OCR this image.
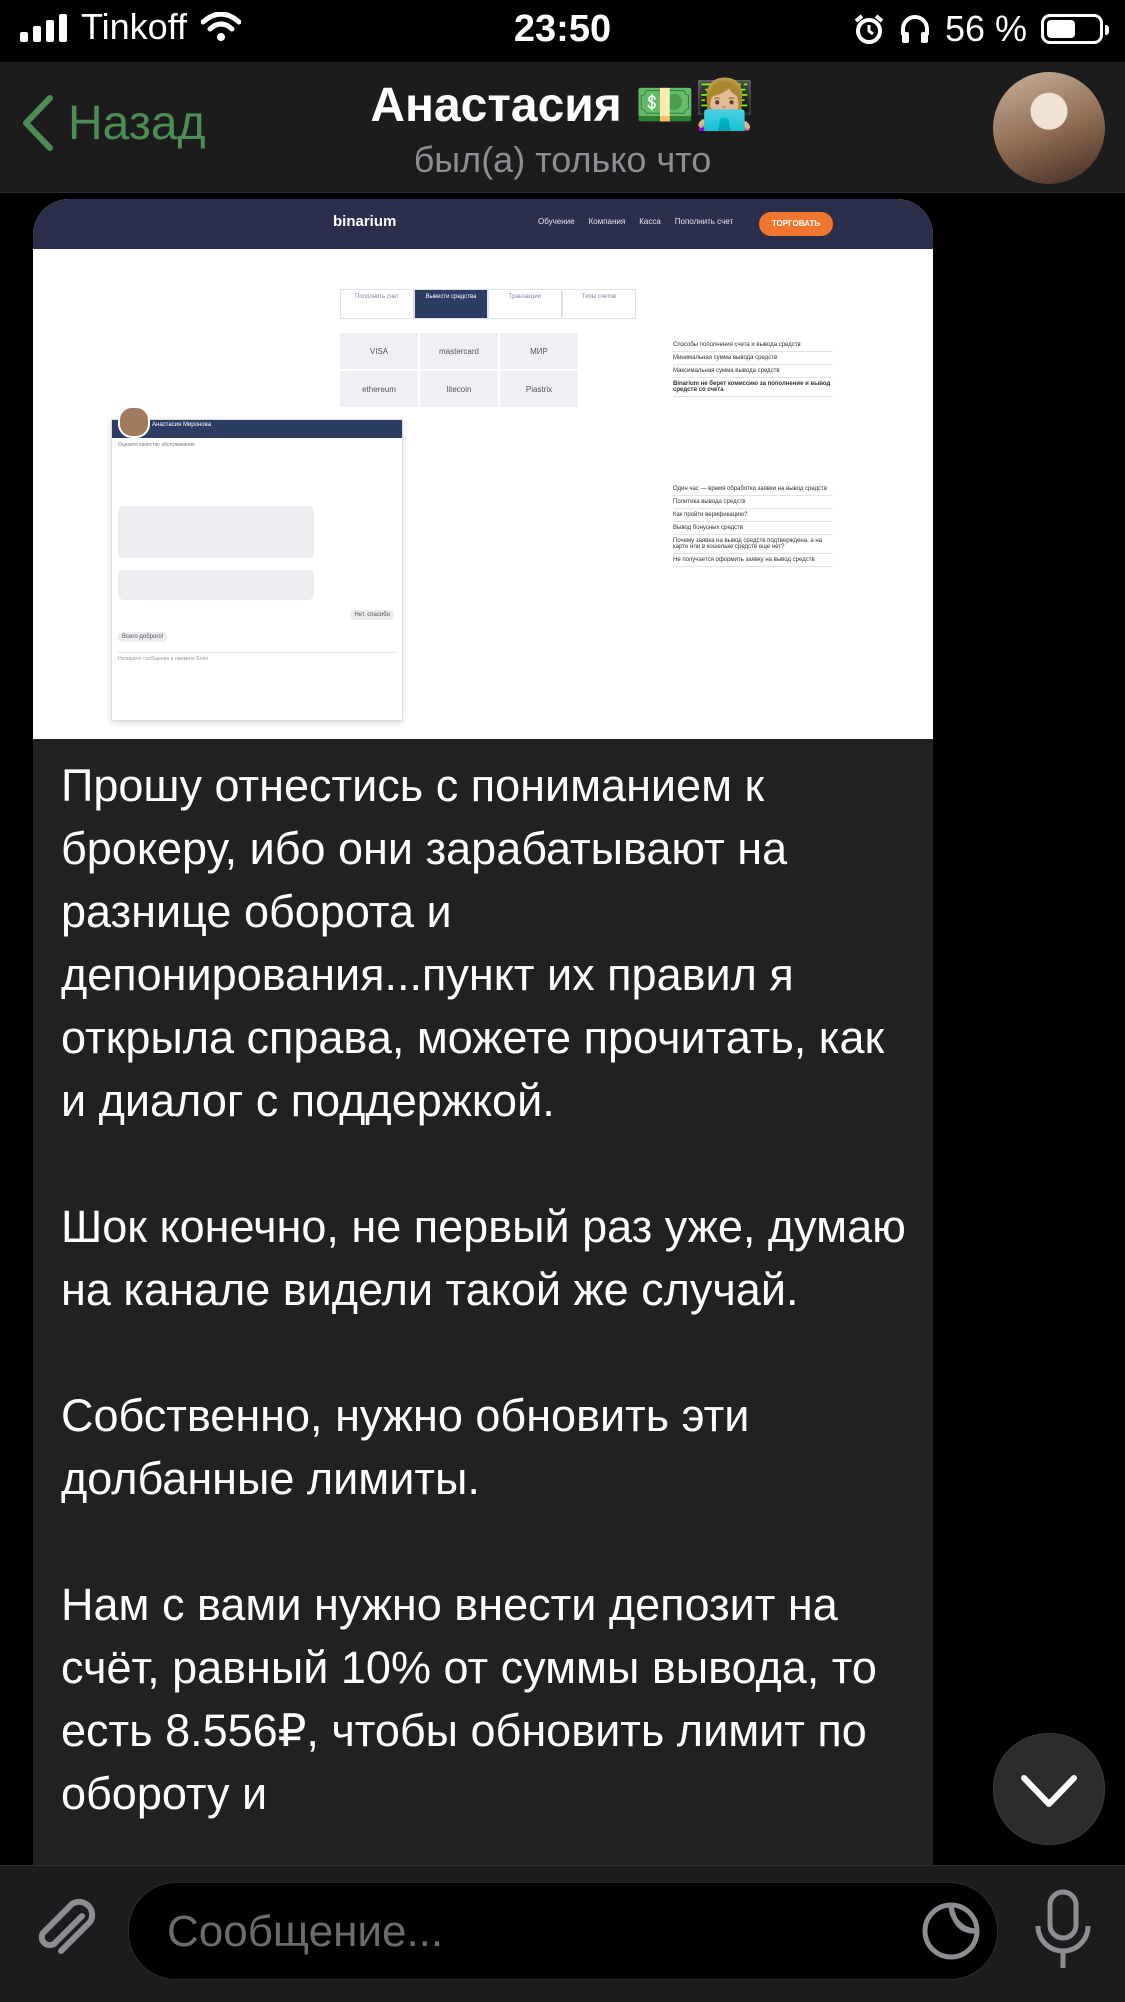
Tinkoff	23:50	56 %
Назад	Анастасия 💵👩🏼‍💻
был(а) только что
binarium	Обучение Компания Касса Пополнить счет	ТОРГОВАТЬ
Пополнить счет	Вывести средства	Транзакции	Типы счетов
VISA	mastercard	МИР
ethereum	litecoin	Piastrix
Анастасия Миронова
Оцените качество обслуживания
Нет, спасибо
Всего доброго!
Напишите сообщение и нажмите Enter
Способы пополнения счета и вывода средств
Минимальная сумма вывода средств
Максимальная сумма вывода средств
Binarium не берет комиссию за пополнение и вывод средств со счета
Один час — время обработки заявки на вывод средств
Политика вывода средств
Как пройти верификацию?
Вывод бонусных средств
Почему заявка на вывод средств подтверждена, а на карте или в кошельке средств еще нет?
Не получается оформить заявку на вывод средств

Прошу отнестись с пониманием к брокеру, ибо они зарабатывают на разнице оборота и депонирования...пункт их правил я открыла справа, можете прочитать, как и диалог с поддержкой.

Шок конечно, не первый раз уже, думаю на канале видели такой же случай.

Собственно, нужно обновить эти долбанные лимиты.

Нам с вами нужно внести депозит на счёт, равный 10% от суммы вывода, то есть 8.556₽, чтобы обновить лимит по обороту и

Сообщение...
